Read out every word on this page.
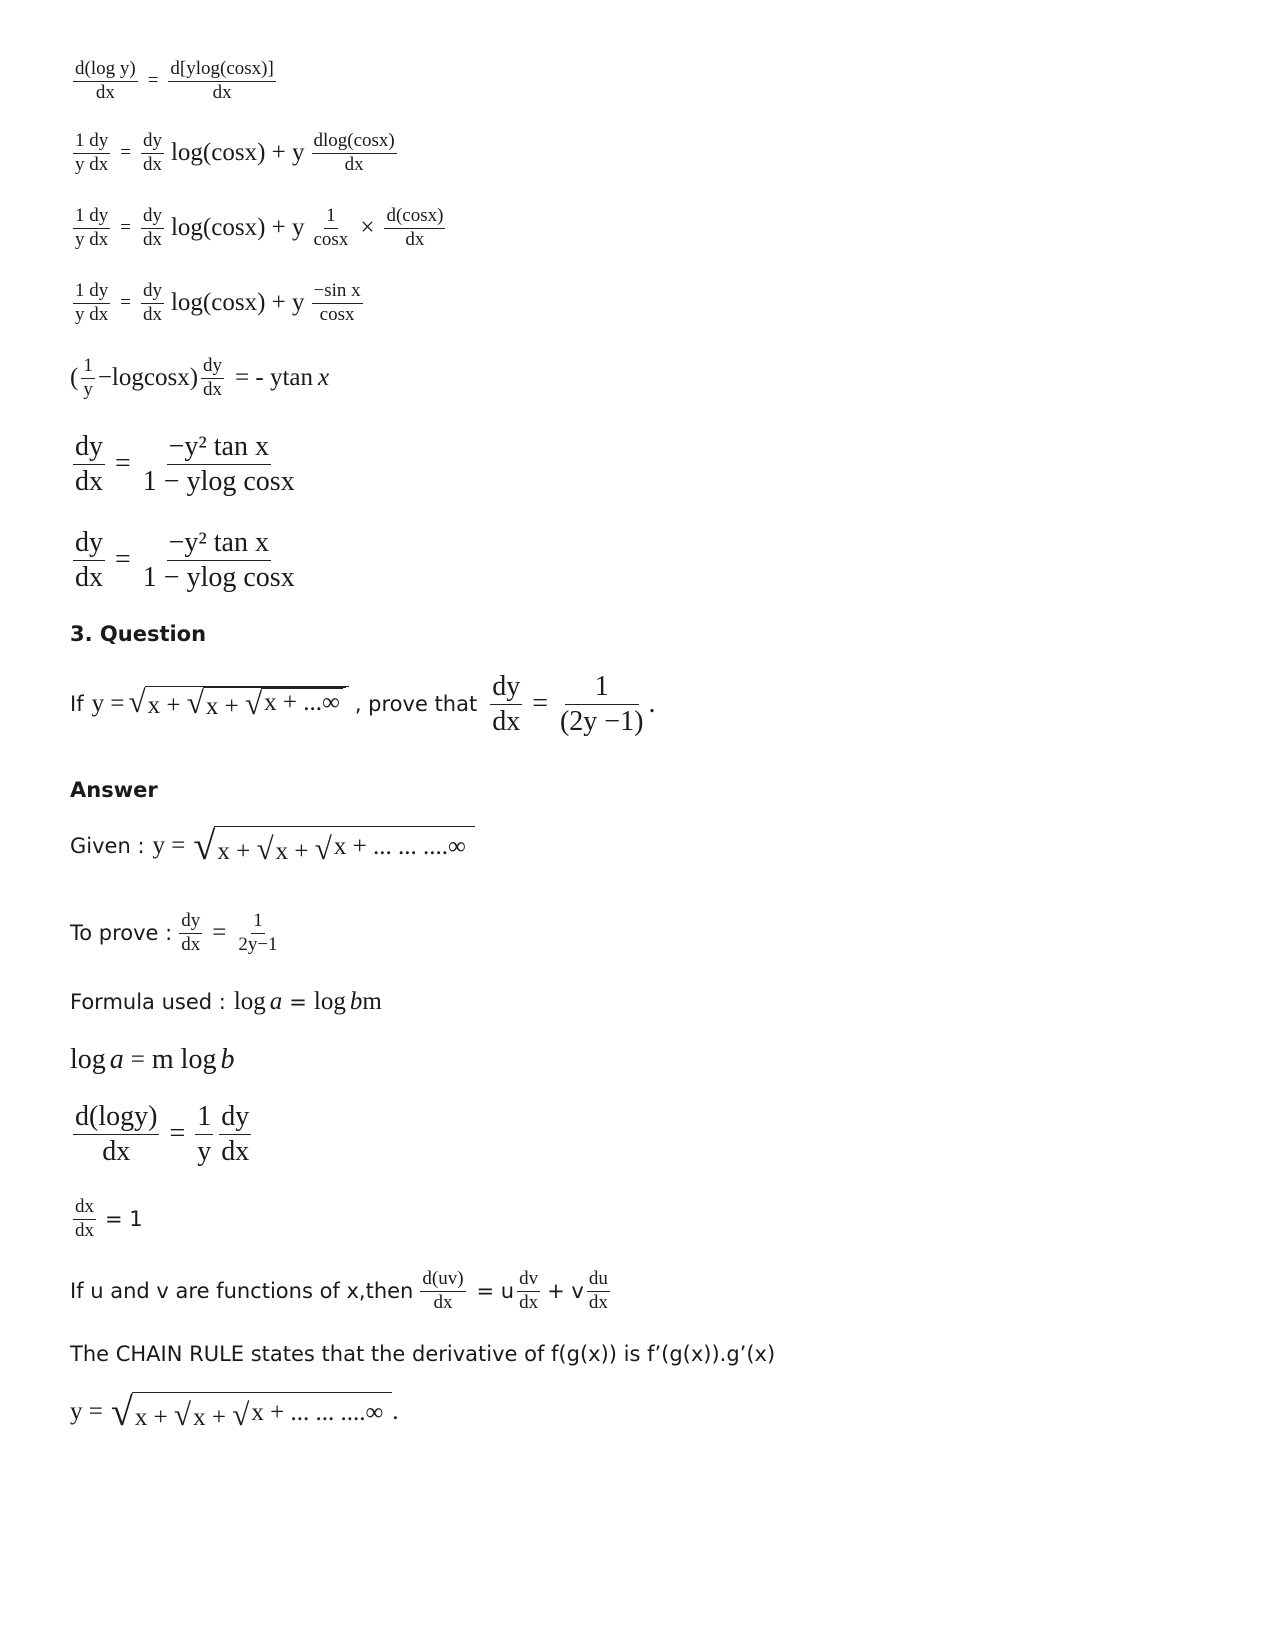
$\frac{\text{d(log y)}}{dx} = \frac{d[ylog(\cos x)]}{dx}$
$\frac{1 dy}{\text{y dx}} = \frac{dy}{dx} \log(\cos x) + y \frac{dlog(\cos x)}{dx}$
$\frac{1 dy}{\text{y dx}} = \frac{dy}{dx} \log(\cos x) + y \frac{1}{\cos x} \times \frac{d(\cos x)}{dx}$
$\frac{1 dy}{\text{y dx}} = \frac{dy}{dx} \log(\cos x) + y \frac{\text{−sin x}}{\cos x}$
( $\frac{1}{y} -logcosx) \frac{dy}{dx}$ = - ytan x
$\frac{dy}{dx} = \frac{\text{−y² tan x}}{\text{1 − ylog cosx}}$
$\frac{dy}{dx} = \frac{\text{−y² tan x}}{\text{1 − ylog cosx}}$
3. Question
If y = √ x + √ x + √ x + ...∞ , prove that $\frac{dy}{dx} = \frac{1}{(2y -1)}$ .
Answer
Given : y = √ x + √ x + √ x + ... ... ....∞
To prove : $\frac{dy}{dx} = \frac{1}{2y-1}$
Formula used : log a = log b m
log a = m log b
$\frac{d(\log y)}{dx} = \frac{1}{y} \frac{dy}{dx}$
$\frac{dx}{dx} = 1$
If u and v are functions of x,then $\frac{d(uv)}{dx} = u \frac{dv}{dx} + v \frac{du}{dx}$
The CHAIN RULE states that the derivative of f(g(x)) is f’(g(x)).g’(x)
y = √ x + √ x + √ x + ... ... ....∞ .
